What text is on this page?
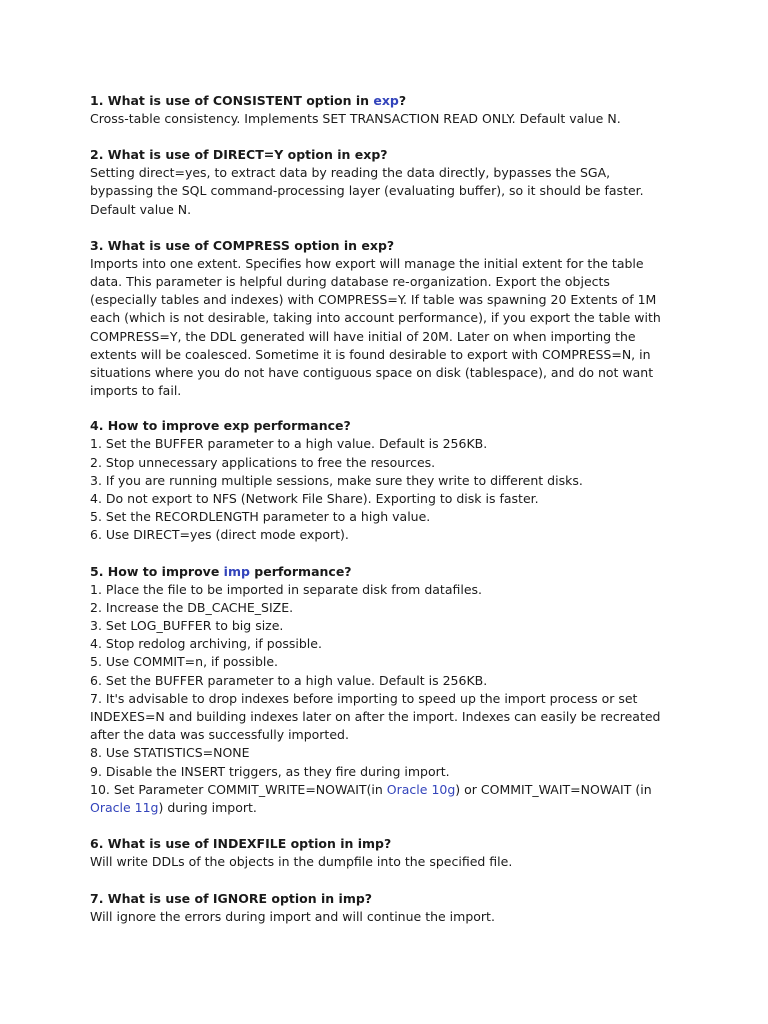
1. What is use of CONSISTENT option in exp?

Cross-table consistency. Implements SET TRANSACTION READ ONLY. Default value N.

2. What is use of DIRECT=Y option in exp?

Setting direct=yes, to extract data by reading the data directly, bypasses the SGA,
bypassing the SQL command-processing layer (evaluating buffer), so it should be faster.
Default value N.

3. What is use of COMPRESS option in exp?

Imports into one extent. Specifies how export will manage the initial extent for the table
data. This parameter is helpful during database re-organization. Export the objects
(especially tables and indexes) with COMPRESS=Y. If table was spawning 20 Extents of 1M
each (which is not desirable, taking into account performance), if you export the table with
COMPRESS=Y, the DDL generated will have initial of 20M. Later on when importing the
extents will be coalesced. Sometime it is found desirable to export with COMPRESS=N, in
situations where you do not have contiguous space on disk (tablespace), and do not want
imports to fail.

4. How to improve exp performance?

1. Set the BUFFER parameter to a high value. Default is 256KB.
2. Stop unnecessary applications to free the resources.
3. If you are running multiple sessions, make sure they write to different disks.
4. Do not export to NFS (Network File Share). Exporting to disk is faster.
5. Set the RECORDLENGTH parameter to a high value.
6. Use DIRECT=yes (direct mode export).

5. How to improve imp performance?

1. Place the file to be imported in separate disk from datafiles.
2. Increase the DB_CACHE_SIZE.
3. Set LOG_BUFFER to big size.
4. Stop redolog archiving, if possible.
5. Use COMMIT=n, if possible.
6. Set the BUFFER parameter to a high value. Default is 256KB.
7. It's advisable to drop indexes before importing to speed up the import process or set
INDEXES=N and building indexes later on after the import. Indexes can easily be recreated
after the data was successfully imported.
8. Use STATISTICS=NONE
9. Disable the INSERT triggers, as they fire during import.
10. Set Parameter COMMIT_WRITE=NOWAIT(in Oracle 10g) or COMMIT_WAIT=NOWAIT (in
Oracle 11g) during import.

6. What is use of INDEXFILE option in imp?

Will write DDLs of the objects in the dumpfile into the specified file.

7. What is use of IGNORE option in imp?

Will ignore the errors during import and will continue the import.
